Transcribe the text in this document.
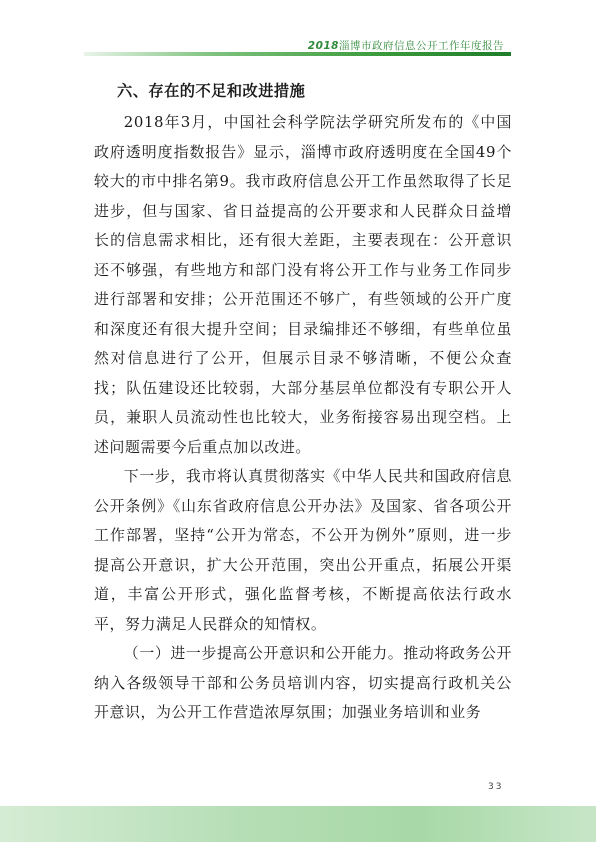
2018淄博市政府信息公开工作年度报告
六、存在的不足和改进措施

2018年3月，中国社会科学院法学研究所发布的《中国政府透明度指数报告》显示，淄博市政府透明度在全国49个较大的市中排名第9。我市政府信息公开工作虽然取得了长足进步，但与国家、省日益提高的公开要求和人民群众日益增长的信息需求相比，还有很大差距，主要表现在：公开意识还不够强，有些地方和部门没有将公开工作与业务工作同步进行部署和安排；公开范围还不够广，有些领域的公开广度和深度还有很大提升空间；目录编排还不够细，有些单位虽然对信息进行了公开，但展示目录不够清晰，不便公众查找；队伍建设还比较弱，大部分基层单位都没有专职公开人员，兼职人员流动性也比较大，业务衔接容易出现空档。上述问题需要今后重点加以改进。

下一步，我市将认真贯彻落实《中华人民共和国政府信息公开条例》《山东省政府信息公开办法》及国家、省各项公开工作部署，坚持“公开为常态，不公开为例外”原则，进一步提高公开意识，扩大公开范围，突出公开重点，拓展公开渠道，丰富公开形式，强化监督考核，不断提高依法行政水平，努力满足人民群众的知情权。

（一）进一步提高公开意识和公开能力。推动将政务公开纳入各级领导干部和公务员培训内容，切实提高行政机关公开意识，为公开工作营造浓厚氛围；加强业务培训和业务

33
